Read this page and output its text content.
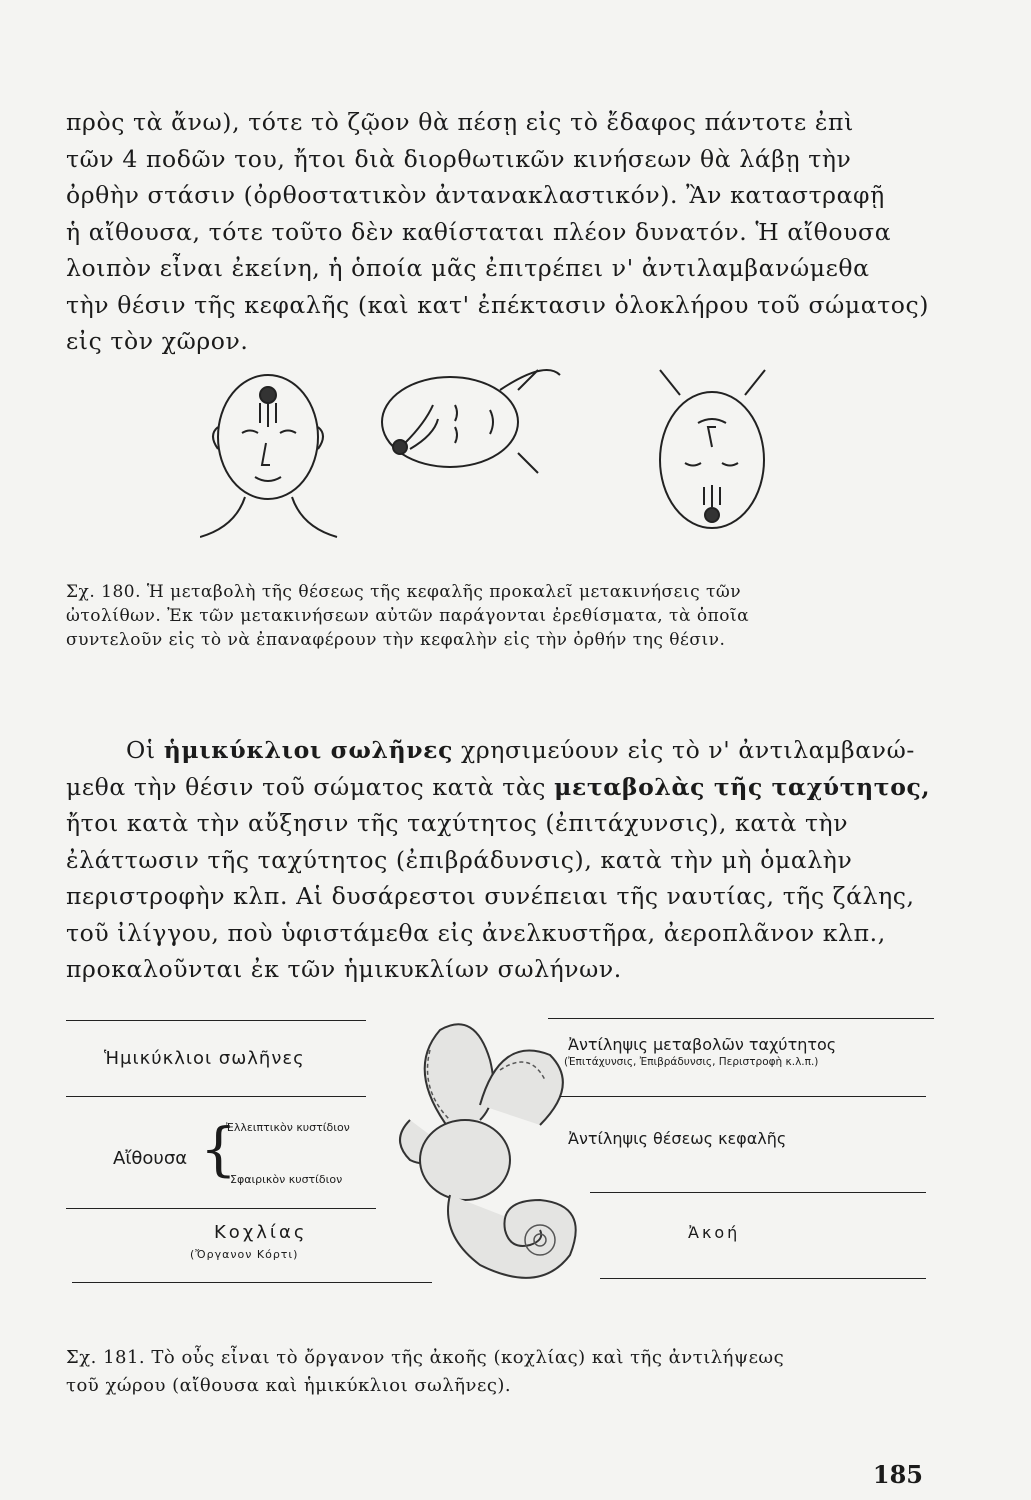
πρὸς τὰ ἄνω), τότε τὸ ζῷον θὰ πέσῃ εἰς τὸ ἔδαφος πάντοτε ἐπὶ
τῶν 4 ποδῶν του, ἤτοι διὰ διορθωτικῶν κινήσεων θὰ λάβῃ τὴν
ὀρθὴν στάσιν (ὀρθοστατικὸν ἀντανακλαστικόν). Ἂν καταστραφῇ
ἡ αἴθουσα, τότε τοῦτο δὲν καθίσταται πλέον δυνατόν. Ἡ αἴθουσα
λοιπὸν εἶναι ἐκείνη, ἡ ὁποία μᾶς ἐπιτρέπει ν' ἀντιλαμβανώμεθα
τὴν θέσιν τῆς κεφαλῆς (καὶ κατ' ἐπέκτασιν ὁλοκλήρου τοῦ σώματος)
εἰς τὸν χῶρον.
Σχ. 180. Ἡ μεταβολὴ τῆς θέσεως τῆς κεφαλῆς προκαλεῖ μετακινήσεις τῶν
ὠτολίθων. Ἐκ τῶν μετακινήσεων αὐτῶν παράγονται ἐρεθίσματα, τὰ ὁποῖα
συντελοῦν εἰς τὸ νὰ ἐπαναφέρουν τὴν κεφαλὴν εἰς τὴν ὀρθήν της θέσιν.
Οἱ ἡμικύκλιοι σωλῆνες χρησιμεύουν εἰς τὸ ν' ἀντιλαμβανώ-
μεθα τὴν θέσιν τοῦ σώματος κατὰ τὰς μεταβολὰς τῆς ταχύτητος,
ἤτοι κατὰ τὴν αὔξησιν τῆς ταχύτητος (ἐπιτάχυνσις), κατὰ τὴν
ἐλάττωσιν τῆς ταχύτητος (ἐπιβράδυνσις), κατὰ τὴν μὴ ὁμαλὴν
περιστροφὴν κλπ. Αἱ δυσάρεστοι συνέπειαι τῆς ναυτίας, τῆς ζάλης,
τοῦ ἰλίγγου, ποὺ ὑφιστάμεθα εἰς ἀνελκυστῆρα, ἀεροπλᾶνον κλπ.,
προκαλοῦνται ἐκ τῶν ἡμικυκλίων σωλήνων.
Ἡμικύκλιοι σωλῆνες
Ἀντίληψις μεταβολῶν ταχύτητος
(Ἐπιτάχυνσις, Ἐπιβράδυνσις, Περιστροφὴ κ.λ.π.)
Ἐλλειπτικὸν κυστίδιον
Αἴθουσα {
Σφαιρικὸν κυστίδιον
Ἀντίληψις θέσεως κεφαλῆς
Κοχλίας
(Ὄργανον Κόρτι)
Ἀκοή
Σχ. 181. Τὸ οὖς εἶναι τὸ ὄργανον τῆς ἀκοῆς (κοχλίας) καὶ τῆς ἀντιλήψεως
τοῦ χώρου (αἴθουσα καὶ ἡμικύκλιοι σωλῆνες).
185
